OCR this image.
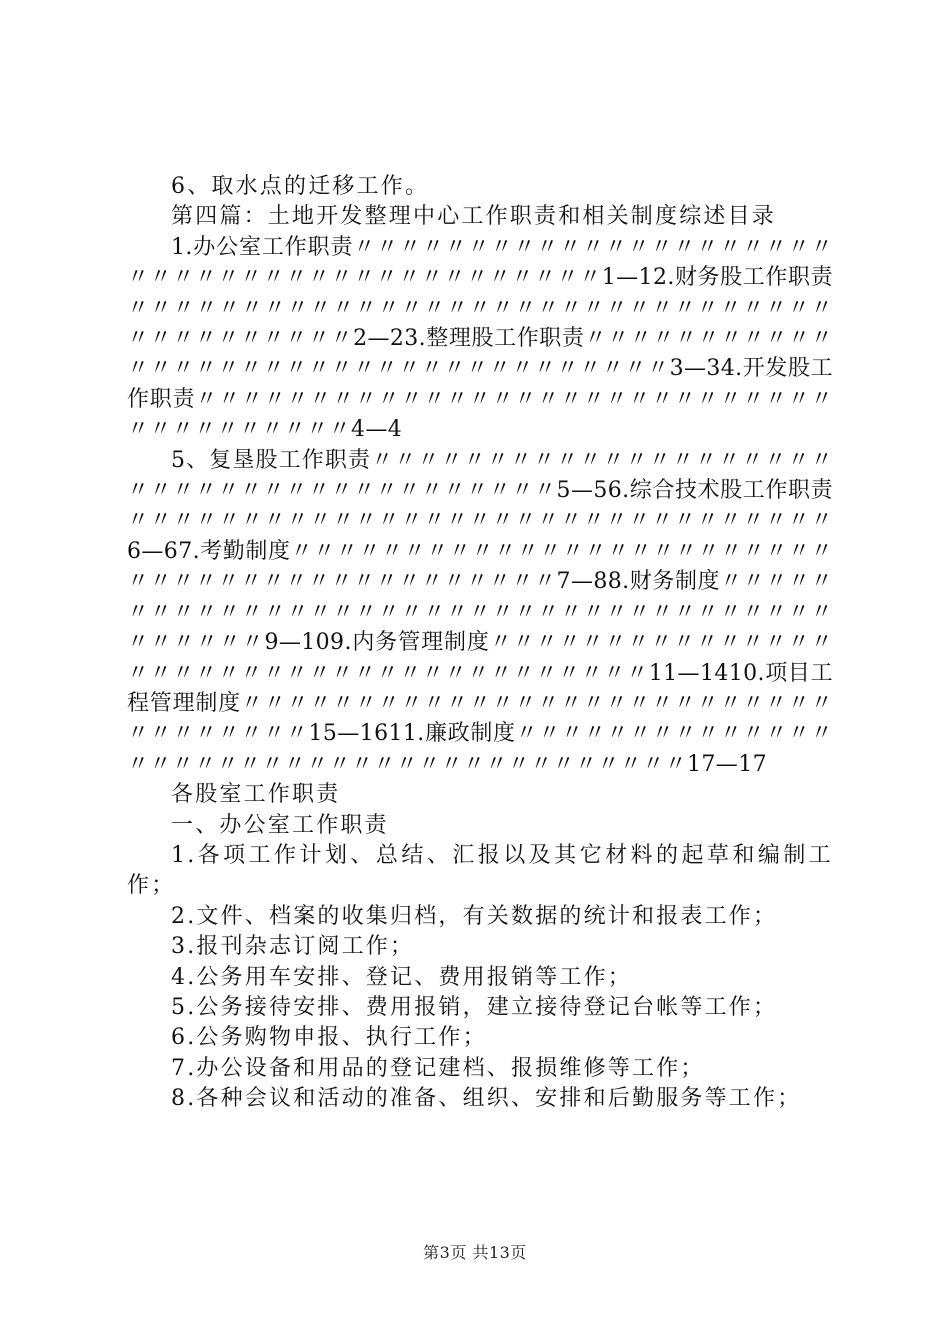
6、取水点的迁移工作。

第四篇：土地开发整理中心工作职责和相关制度综述目录

1.办公室工作职责〃〃〃〃〃〃〃〃〃〃〃〃〃〃〃〃〃〃〃〃〃〃〃〃〃〃〃〃〃〃〃〃〃〃〃〃〃〃〃〃〃〃1—12.财务股工作职责〃〃〃〃〃〃〃〃〃〃〃〃〃〃〃〃〃〃〃〃〃〃〃〃〃〃〃〃〃〃〃〃〃〃〃〃〃〃〃〃〃2—23.整理股工作职责〃〃〃〃〃〃〃〃〃〃〃〃〃〃〃〃〃〃〃〃〃〃〃〃〃〃〃〃〃〃〃〃〃〃〃3—34.开发股工作职责〃〃〃〃〃〃〃〃〃〃〃〃〃〃〃〃〃〃〃〃〃〃〃〃〃〃〃〃〃〃〃〃〃〃〃〃〃〃4—4

5、复垦股工作职责〃〃〃〃〃〃〃〃〃〃〃〃〃〃〃〃〃〃〃〃〃〃〃〃〃〃〃〃〃〃〃〃〃〃〃〃〃〃〃5—56.综合技术股工作职责〃〃〃〃〃〃〃〃〃〃〃〃〃〃〃〃〃〃〃〃〃〃〃〃〃〃〃〃〃〃〃6—67.考勤制度〃〃〃〃〃〃〃〃〃〃〃〃〃〃〃〃〃〃〃〃〃〃〃〃〃〃〃〃〃〃〃〃〃〃〃〃〃〃〃〃〃〃〃7—88.财务制度〃〃〃〃〃〃〃〃〃〃〃〃〃〃〃〃〃〃〃〃〃〃〃〃〃〃〃〃〃〃〃〃〃〃〃〃〃〃〃〃〃〃9—109.内务管理制度〃〃〃〃〃〃〃〃〃〃〃〃〃〃〃〃〃〃〃〃〃〃〃〃〃〃〃〃〃〃〃〃〃〃〃〃〃〃11—1410.项目工程管理制度〃〃〃〃〃〃〃〃〃〃〃〃〃〃〃〃〃〃〃〃〃〃〃〃〃〃〃〃〃〃〃〃〃〃15—1611.廉政制度〃〃〃〃〃〃〃〃〃〃〃〃〃〃〃〃〃〃〃〃〃〃〃〃〃〃〃〃〃〃〃〃〃〃〃〃〃〃〃17—17

各股室工作职责

一、办公室工作职责

1.各项工作计划、总结、汇报以及其它材料的起草和编制工作；

2.文件、档案的收集归档，有关数据的统计和报表工作；

3.报刊杂志订阅工作；

4.公务用车安排、登记、费用报销等工作；

5.公务接待安排、费用报销，建立接待登记台帐等工作；

6.公务购物申报、执行工作；

7.办公设备和用品的登记建档、报损维修等工作；

8.各种会议和活动的准备、组织、安排和后勤服务等工作；

第3页 共13页
